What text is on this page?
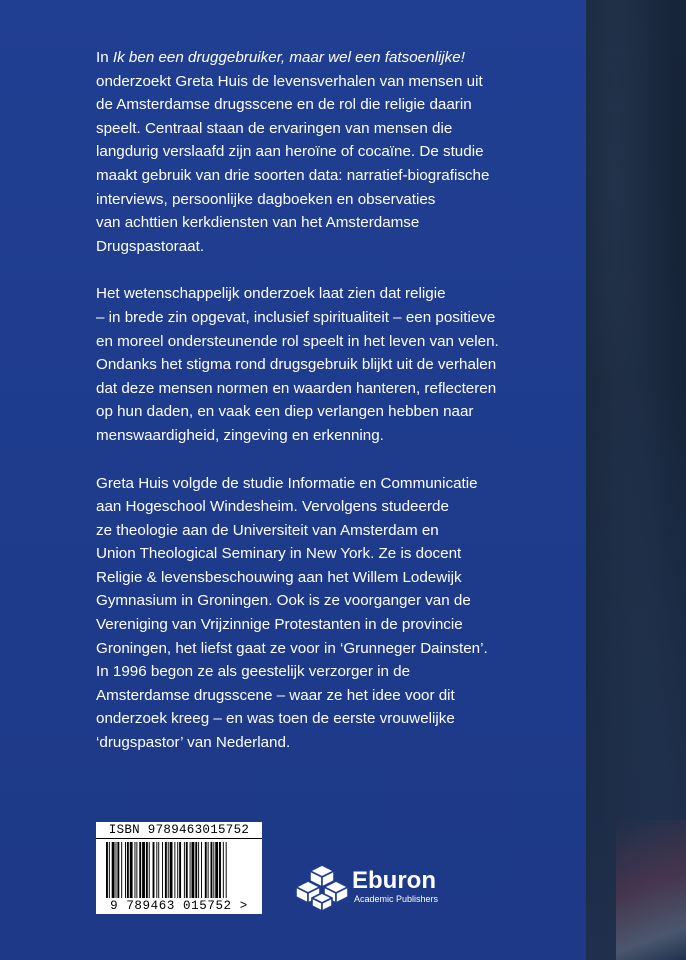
In Ik ben een druggebruiker, maar wel een fatsoenlijke!
onderzoekt Greta Huis de levensverhalen van mensen uit
de Amsterdamse drugsscene en de rol die religie daarin
speelt. Centraal staan de ervaringen van mensen die
langdurig verslaafd zijn aan heroïne of cocaïne. De studie
maakt gebruik van drie soorten data: narratief-biografische
interviews, persoonlijke dagboeken en observaties
van achttien kerkdiensten van het Amsterdamse
Drugspastoraat.

Het wetenschappelijk onderzoek laat zien dat religie
– in brede zin opgevat, inclusief spiritualiteit – een positieve
en moreel ondersteunende rol speelt in het leven van velen.
Ondanks het stigma rond drugsgebruik blijkt uit de verhalen
dat deze mensen normen en waarden hanteren, reflecteren
op hun daden, en vaak een diep verlangen hebben naar
menswaardigheid, zingeving en erkenning.

Greta Huis volgde de studie Informatie en Communicatie
aan Hogeschool Windesheim. Vervolgens studeerde
ze theologie aan de Universiteit van Amsterdam en
Union Theological Seminary in New York. Ze is docent
Religie & levensbeschouwing aan het Willem Lodewijk
Gymnasium in Groningen. Ook is ze voorganger van de
Vereniging van Vrijzinnige Protestanten in de provincie
Groningen, het liefst gaat ze voor in ‘Grunneger Dainsten’.
In 1996 begon ze als geestelijk verzorger in de
Amsterdamse drugsscene – waar ze het idee voor dit
onderzoek kreeg – en was toen de eerste vrouwelijke
‘drugspastor’ van Nederland.

ISBN 9789463015752
9 789463 015752 >
Eburon
Academic Publishers
